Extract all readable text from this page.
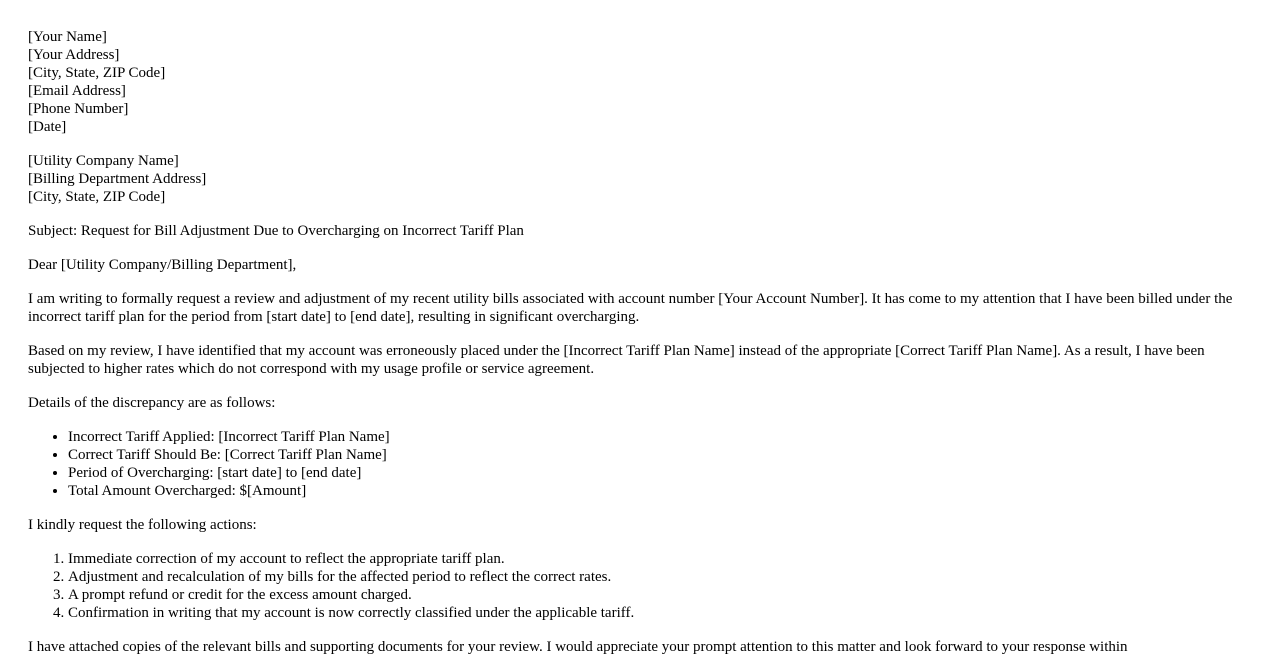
[Your Name]
[Your Address]
[City, State, ZIP Code]
[Email Address]
[Phone Number]
[Date]
[Utility Company Name]
[Billing Department Address]
[City, State, ZIP Code]

Subject: Request for Bill Adjustment Due to Overcharging on Incorrect Tariff Plan

Dear [Utility Company/Billing Department],

I am writing to formally request a review and adjustment of my recent utility bills associated with account number [Your Account Number]. It has come to my attention that I have been billed under the incorrect tariff plan for the period from [start date] to [end date], resulting in significant overcharging.

Based on my review, I have identified that my account was erroneously placed under the [Incorrect Tariff Plan Name] instead of the appropriate [Correct Tariff Plan Name]. As a result, I have been subjected to higher rates which do not correspond with my usage profile or service agreement.

Details of the discrepancy are as follows:

• Incorrect Tariff Applied: [Incorrect Tariff Plan Name]
• Correct Tariff Should Be: [Correct Tariff Plan Name]
• Period of Overcharging: [start date] to [end date]
• Total Amount Overcharged: $[Amount]

I kindly request the following actions:

1. Immediate correction of my account to reflect the appropriate tariff plan.
2. Adjustment and recalculation of my bills for the affected period to reflect the correct rates.
3. A prompt refund or credit for the excess amount charged.
4. Confirmation in writing that my account is now correctly classified under the applicable tariff.

I have attached copies of the relevant bills and supporting documents for your review. I would appreciate your prompt attention to this matter and look forward to your response within
